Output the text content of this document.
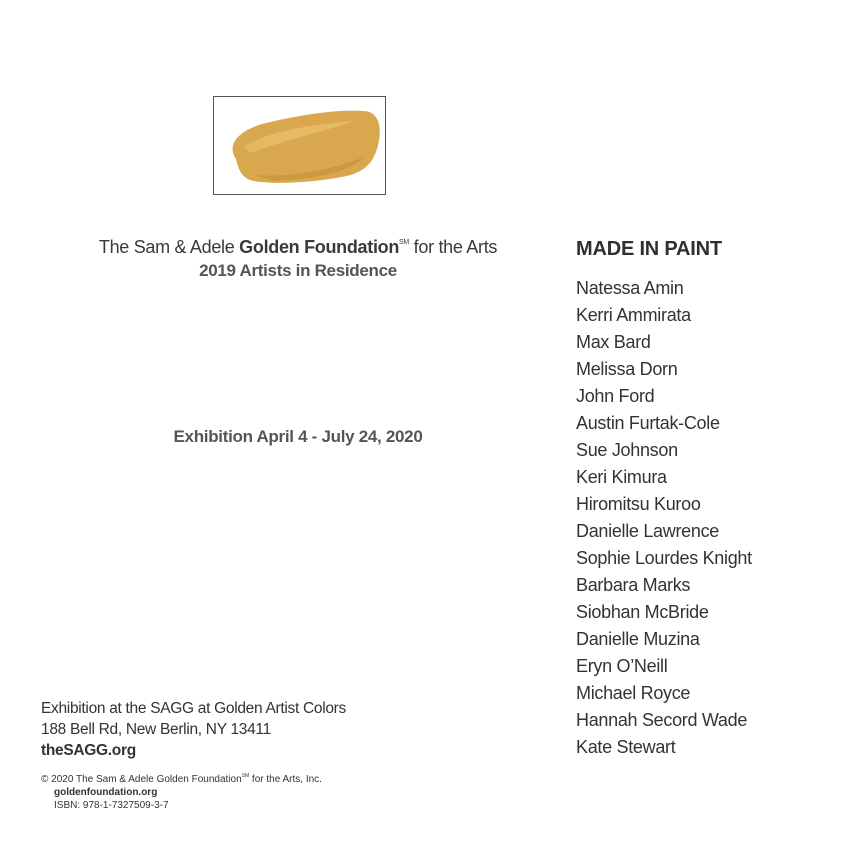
The Sam & Adele Golden Foundation℠ for the Arts
2019 Artists in Residence
Exhibition April 4 - July 24, 2020
Exhibition at the SAGG at Golden Artist Colors
188 Bell Rd, New Berlin, NY 13411
theSAGG.org
© 2020 The Sam & Adele Golden Foundation℠ for the Arts, Inc.
goldenfoundation.org
ISBN: 978-1-7327509-3-7
MADE IN PAINT
Natessa Amin
Kerri Ammirata
Max Bard
Melissa Dorn
John Ford
Austin Furtak-Cole
Sue Johnson
Keri Kimura
Hiromitsu Kuroo
Danielle Lawrence
Sophie Lourdes Knight
Barbara Marks
Siobhan McBride
Danielle Muzina
Eryn O’Neill
Michael Royce
Hannah Secord Wade
Kate Stewart
